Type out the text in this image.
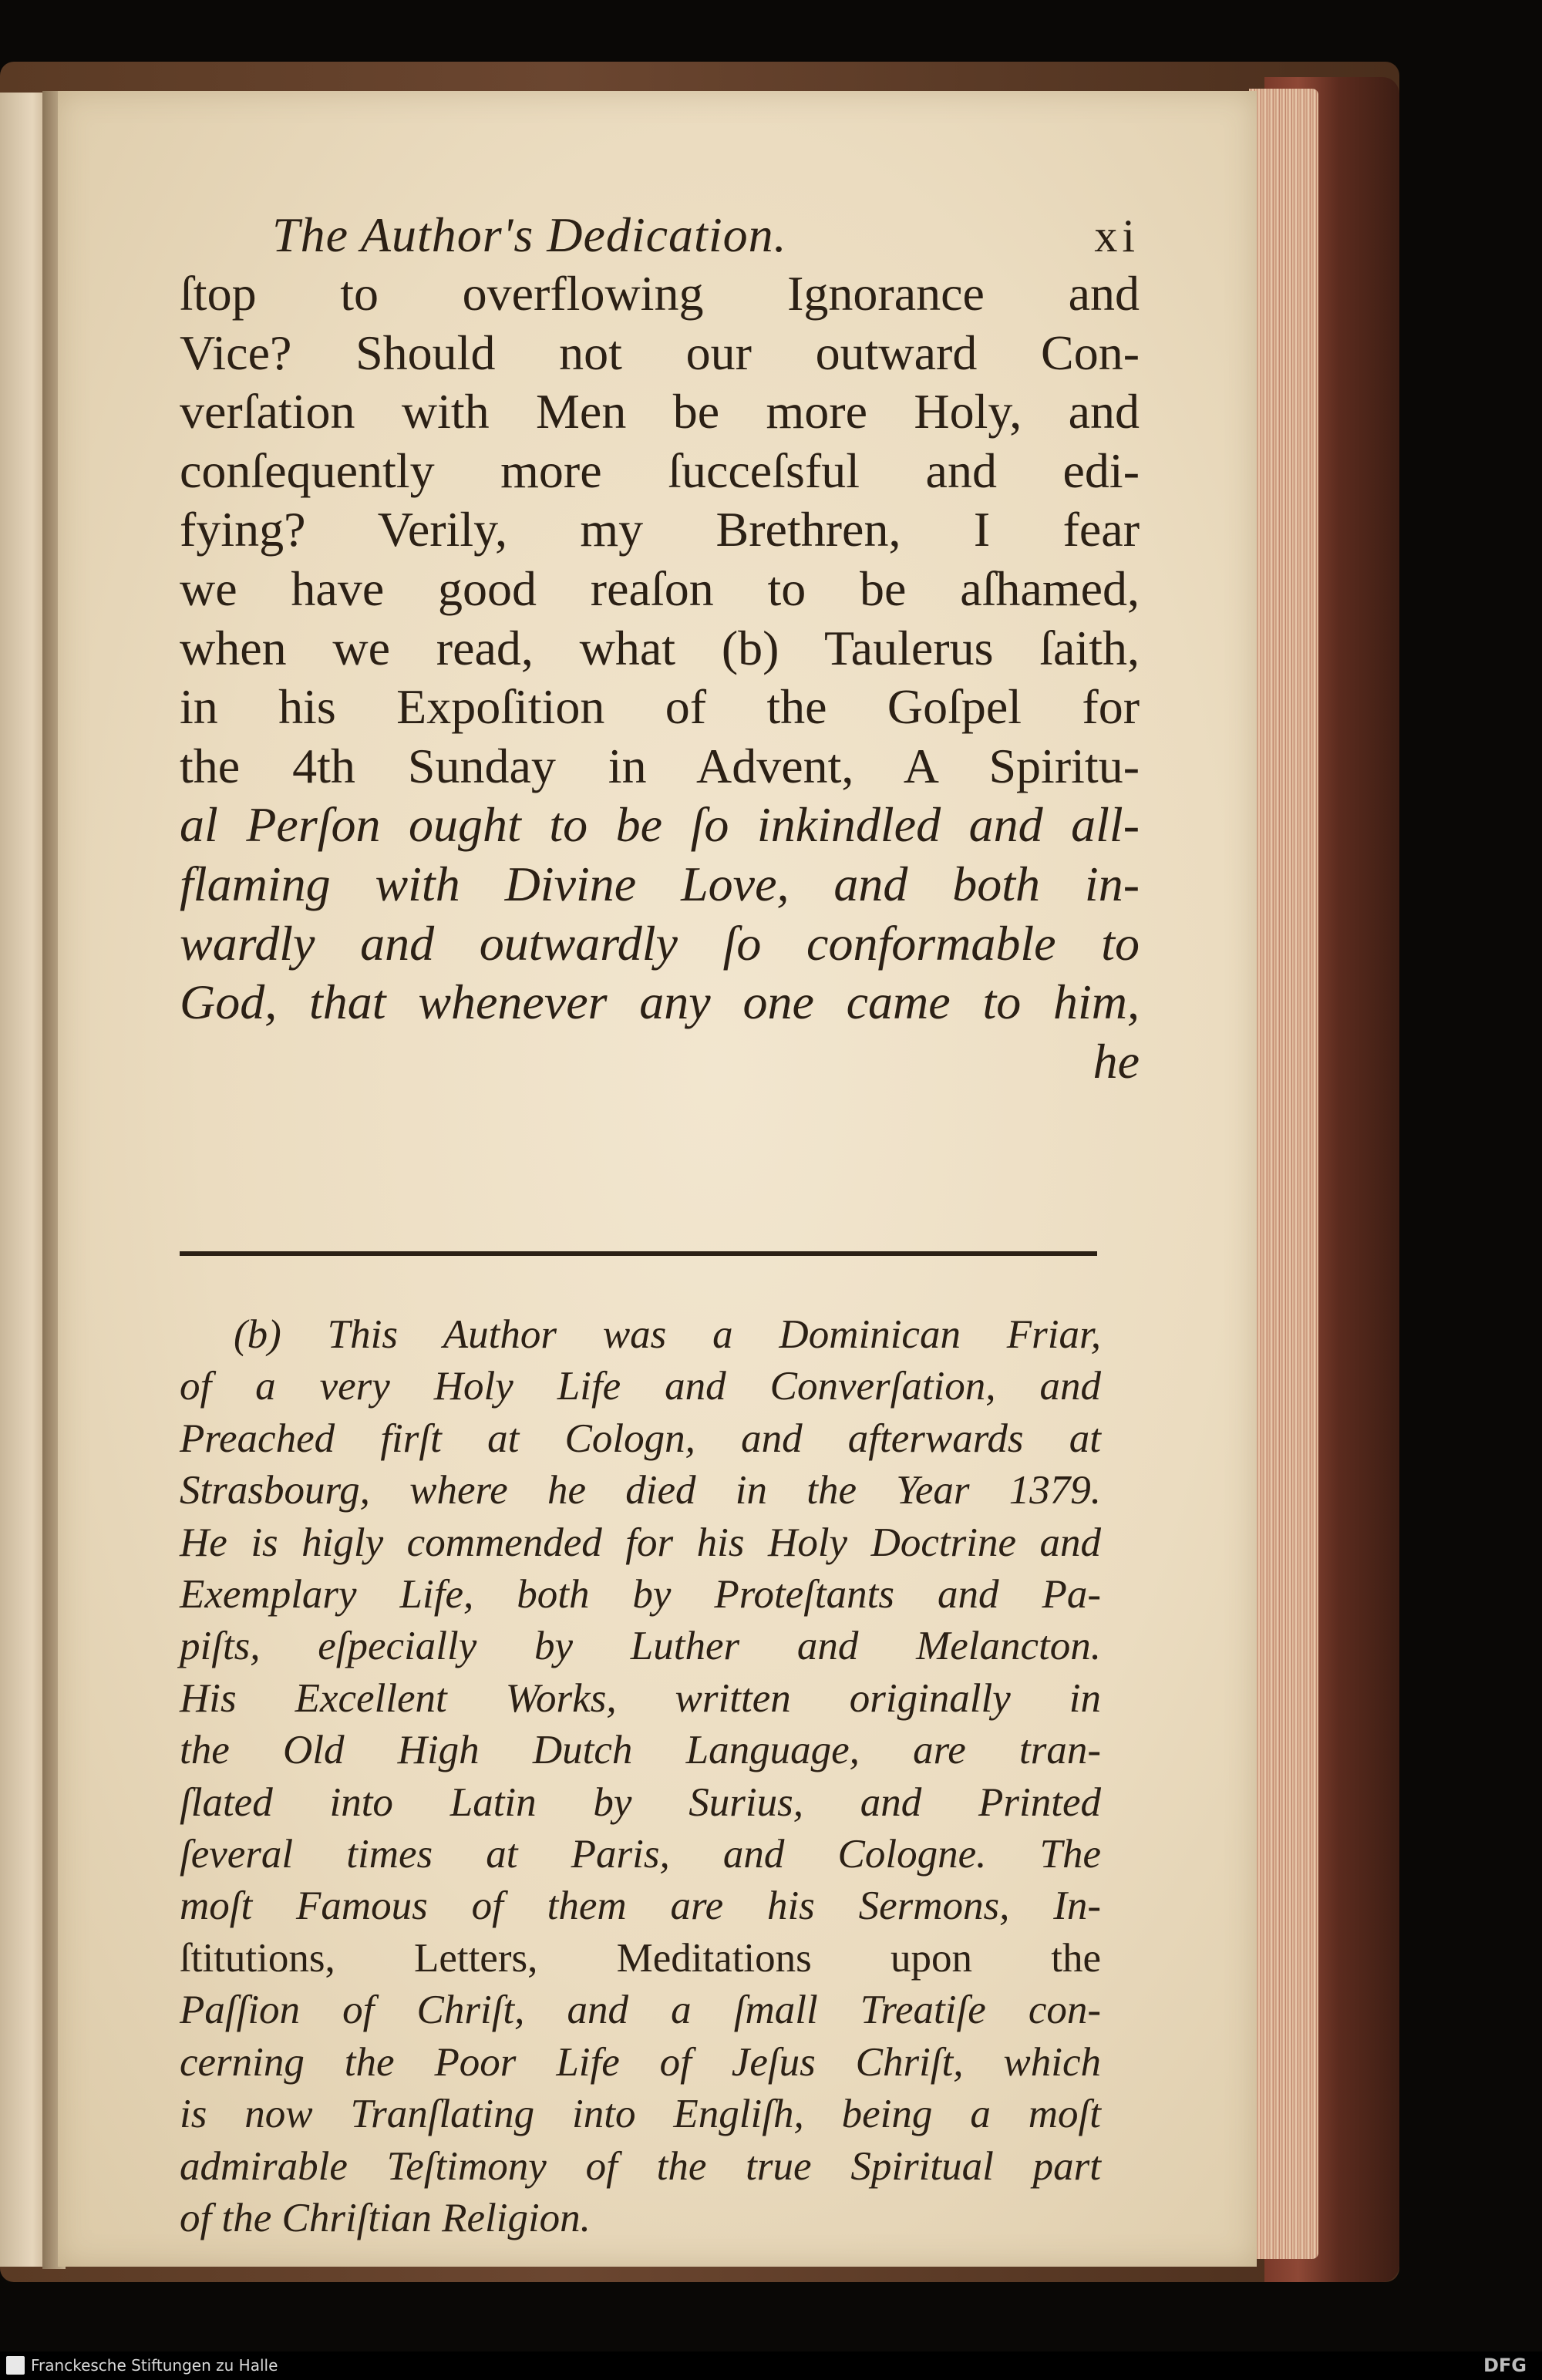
The Author's Dedication.	xi
ſtop to overflowing Ignorance and
Vice? Should not our outward Con-
verſation with Men be more Holy, and
conſequently more ſucceſsful and edi-
fying? Verily, my Brethren, I fear
we have good reaſon to be aſhamed,
when we read, what (b) Taulerus ſaith,
in his Expoſition of the Goſpel for
the 4th Sunday in Advent, A Spiritu-
al Perſon ought to be ſo inkindled and all-
flaming with Divine Love, and both in-
wardly and outwardly ſo conformable to
God, that whenever any one came to him,
he
(b) This Author was a Dominican Friar,
of a very Holy Life and Converſation, and
Preached firſt at Cologn, and afterwards at
Strasbourg, where he died in the Year 1379.
He is higly commended for his Holy Doctrine and
Exemplary Life, both by Proteſtants and Pa-
piſts, eſpecially by Luther and Melancton.
His Excellent Works, written originally in
the Old High Dutch Language, are tran-
ſlated into Latin by Surius, and Printed
ſeveral times at Paris, and Cologne. The
moſt Famous of them are his Sermons, In-
ſtitutions, Letters, Meditations upon the
Paſſion of Chriſt, and a ſmall Treatiſe con-
cerning the Poor Life of Jeſus Chriſt, which
is now Tranſlating into Engliſh, being a moſt
admirable Teſtimony of the true Spiritual part
of the Chriſtian Religion.
Franckesche Stiftungen zu Halle	DFG
